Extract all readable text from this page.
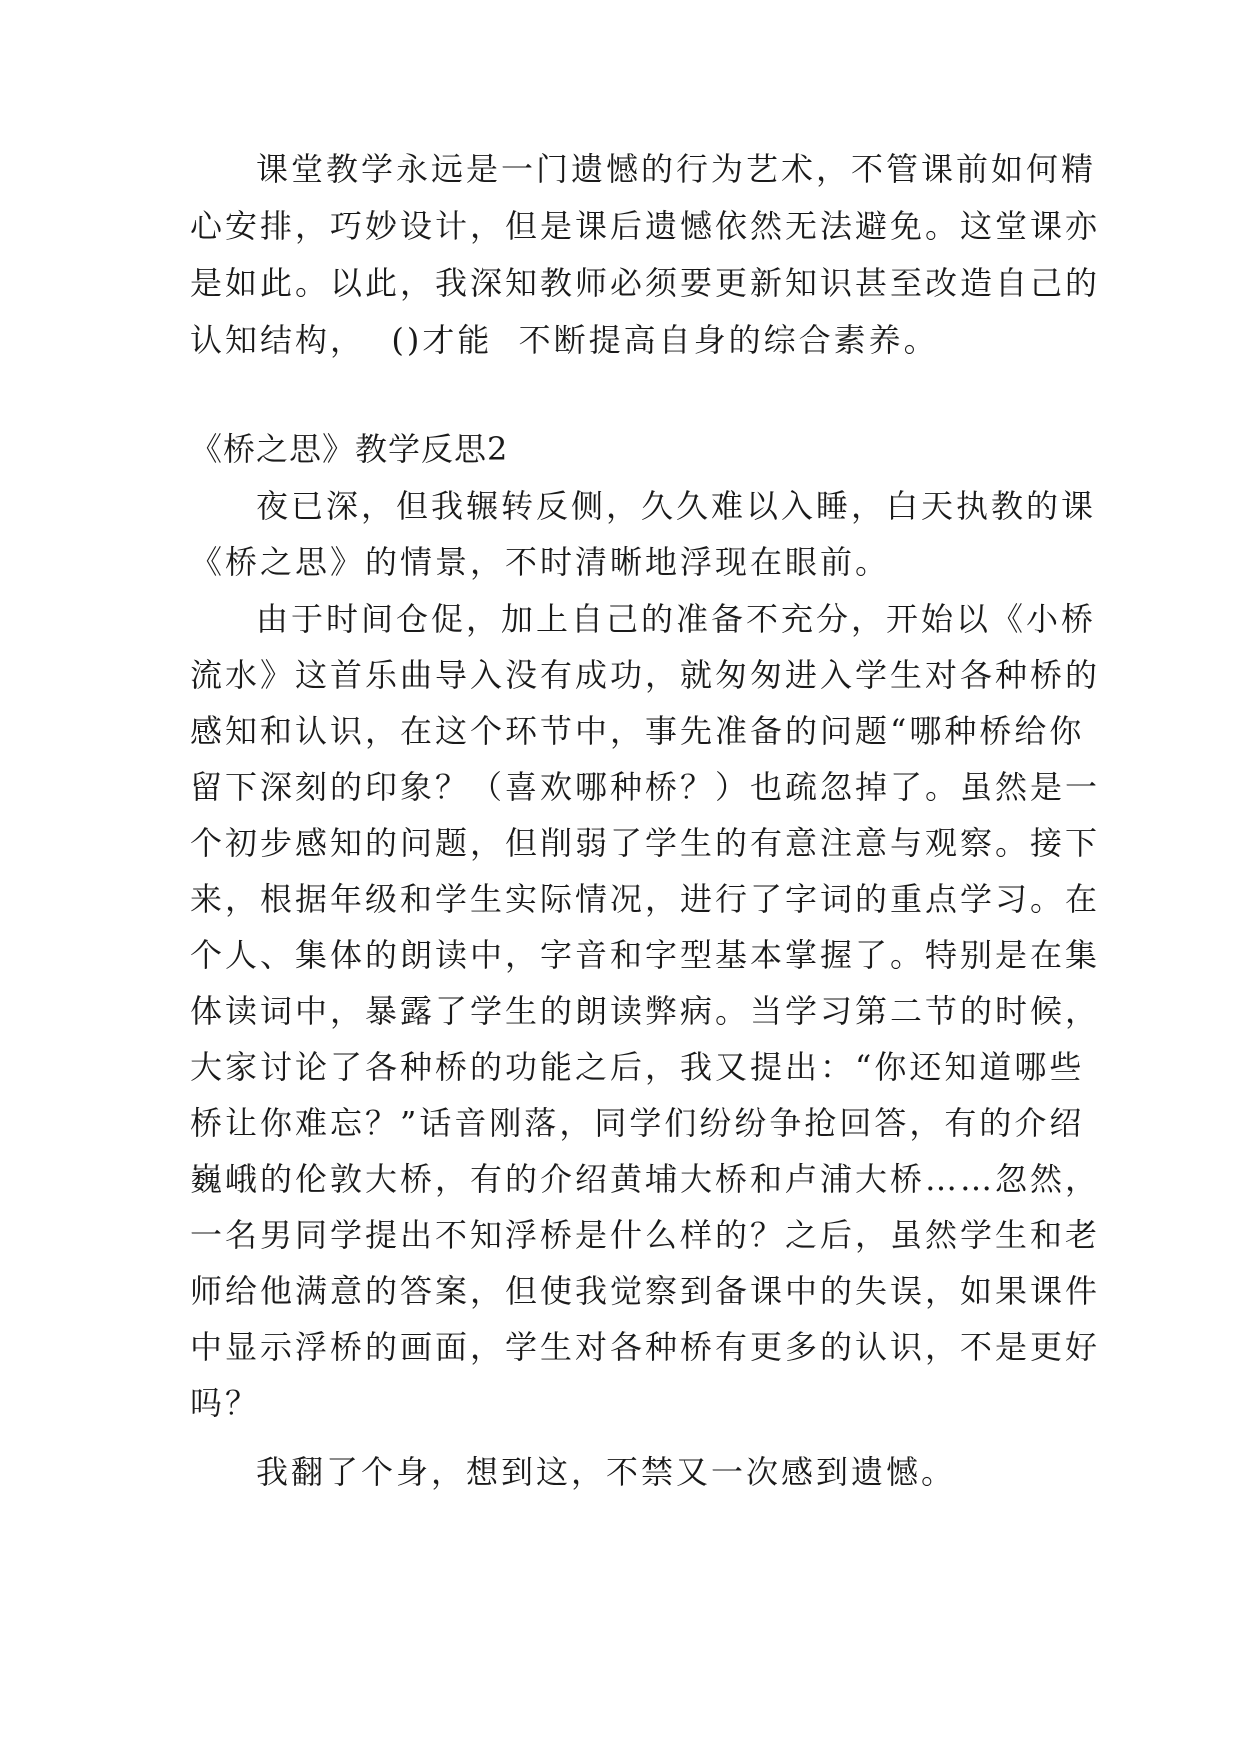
课堂教学永远是一门遗憾的行为艺术，不管课前如何精
心安排，巧妙设计，但是课后遗憾依然无法避免。这堂课亦
是如此。以此，我深知教师必须要更新知识甚至改造自己的
认知结构，  ()才能  不断提高自身的综合素养。
《桥之思》教学反思2
夜已深，但我辗转反侧，久久难以入睡，白天执教的课
《桥之思》的情景，不时清晰地浮现在眼前。
由于时间仓促，加上自己的准备不充分，开始以《小桥
流水》这首乐曲导入没有成功，就匆匆进入学生对各种桥的
感知和认识，在这个环节中，事先准备的问题“哪种桥给你
留下深刻的印象？（喜欢哪种桥？）也疏忽掉了。虽然是一
个初步感知的问题，但削弱了学生的有意注意与观察。接下
来，根据年级和学生实际情况，进行了字词的重点学习。在
个人、集体的朗读中，字音和字型基本掌握了。特别是在集
体读词中，暴露了学生的朗读弊病。当学习第二节的时候，
大家讨论了各种桥的功能之后，我又提出：“你还知道哪些
桥让你难忘？”话音刚落，同学们纷纷争抢回答，有的介绍
巍峨的伦敦大桥，有的介绍黄埔大桥和卢浦大桥……忽然，
一名男同学提出不知浮桥是什么样的？之后，虽然学生和老
师给他满意的答案，但使我觉察到备课中的失误，如果课件
中显示浮桥的画面，学生对各种桥有更多的认识，不是更好
吗？
我翻了个身，想到这，不禁又一次感到遗憾。
